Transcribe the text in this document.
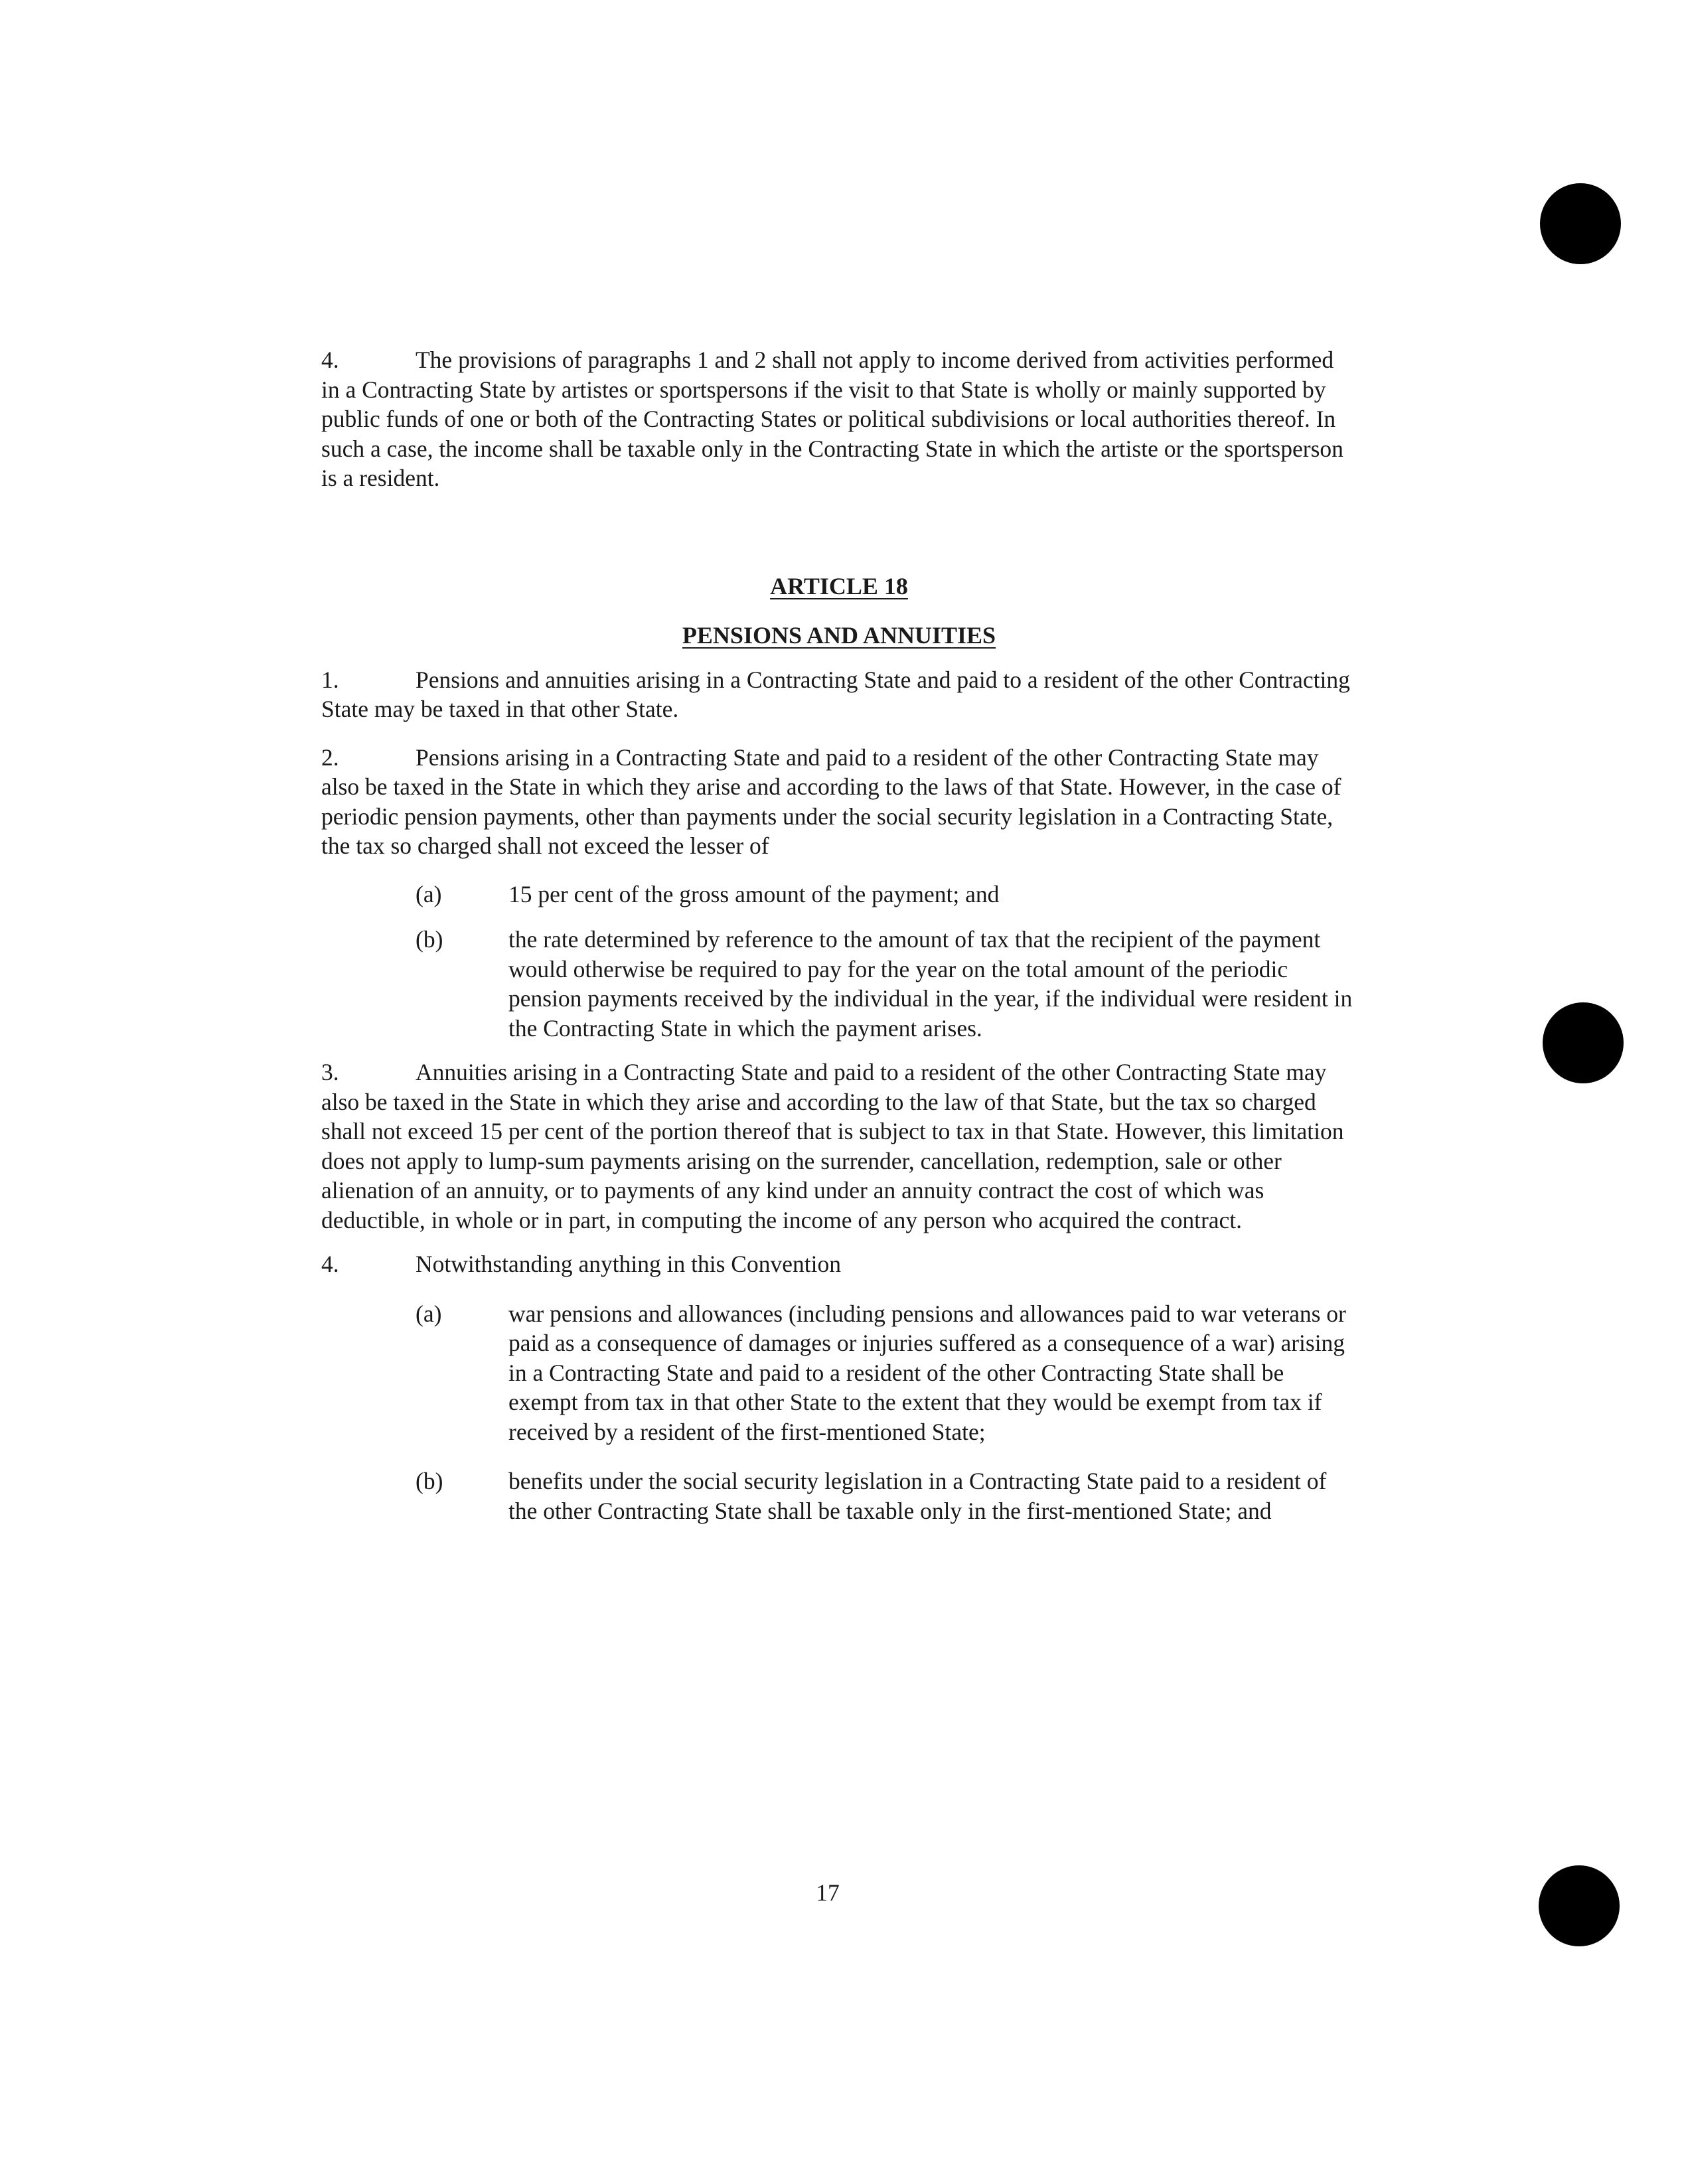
4.	The provisions of paragraphs 1 and 2 shall not apply to income derived from activities performed in a Contracting State by artistes or sportspersons if the visit to that State is wholly or mainly supported by public funds of one or both of the Contracting States or political subdivisions or local authorities thereof. In such a case, the income shall be taxable only in the Contracting State in which the artiste or the sportsperson is a resident.

ARTICLE 18
PENSIONS AND ANNUITIES

1.	Pensions and annuities arising in a Contracting State and paid to a resident of the other Contracting State may be taxed in that other State.

2.	Pensions arising in a Contracting State and paid to a resident of the other Contracting State may also be taxed in the State in which they arise and according to the laws of that State. However, in the case of periodic pension payments, other than payments under the social security legislation in a Contracting State, the tax so charged shall not exceed the lesser of

(a)	15 per cent of the gross amount of the payment; and
(b)	the rate determined by reference to the amount of tax that the recipient of the payment would otherwise be required to pay for the year on the total amount of the periodic pension payments received by the individual in the year, if the individual were resident in the Contracting State in which the payment arises.

3.	Annuities arising in a Contracting State and paid to a resident of the other Contracting State may also be taxed in the State in which they arise and according to the law of that State, but the tax so charged shall not exceed 15 per cent of the portion thereof that is subject to tax in that State. However, this limitation does not apply to lump-sum payments arising on the surrender, cancellation, redemption, sale or other alienation of an annuity, or to payments of any kind under an annuity contract the cost of which was deductible, in whole or in part, in computing the income of any person who acquired the contract.

4.	Notwithstanding anything in this Convention

(a)	war pensions and allowances (including pensions and allowances paid to war veterans or paid as a consequence of damages or injuries suffered as a consequence of a war) arising in a Contracting State and paid to a resident of the other Contracting State shall be exempt from tax in that other State to the extent that they would be exempt from tax if received by a resident of the first-mentioned State;
(b)	benefits under the social security legislation in a Contracting State paid to a resident of the other Contracting State shall be taxable only in the first-mentioned State; and
17
